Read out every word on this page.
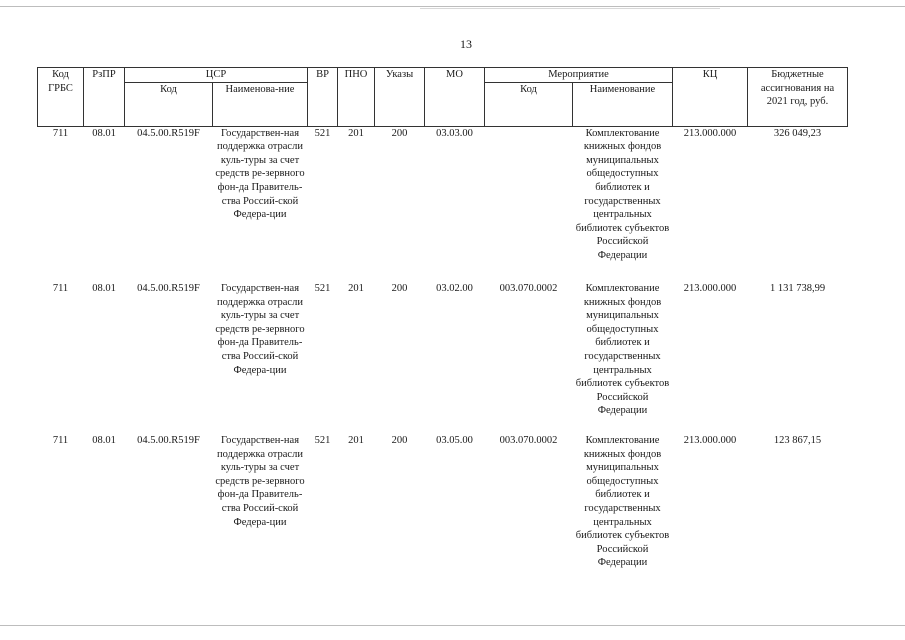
13
Код ГРБС	РзПР	ЦСР		ВР	ПНО	Указы	МО	Мероприятие		КЦ	Бюджетные ассигнования на 2021 год, руб.
		Код	Наименова-ние					Код	Наименование		
711	08.01	04.5.00.R519F	Государствен-ная поддержка отрасли куль-туры за счет средств ре-зервного фон-да Правитель-ства Россий-ской Федера-ции	521	201	200	03.03.00		Комплектование книжных фондов муниципальных общедоступных библиотек и государственных центральных библиотек субъектов Российской Федерации	213.000.000	326 049,23
711	08.01	04.5.00.R519F	Государствен-ная поддержка отрасли куль-туры за счет средств ре-зервного фон-да Правитель-ства Россий-ской Федера-ции	521	201	200	03.02.00	003.070.0002	Комплектование книжных фондов муниципальных общедоступных библиотек и государственных центральных библиотек субъектов Российской Федерации	213.000.000	1 131 738,99
711	08.01	04.5.00.R519F	Государствен-ная поддержка отрасли куль-туры за счет средств ре-зервного фон-да Правитель-ства Россий-ской Федера-ции	521	201	200	03.05.00	003.070.0002	Комплектование книжных фондов муниципальных общедоступных библиотек и государственных центральных библиотек субъектов Российской Федерации	213.000.000	123 867,15
